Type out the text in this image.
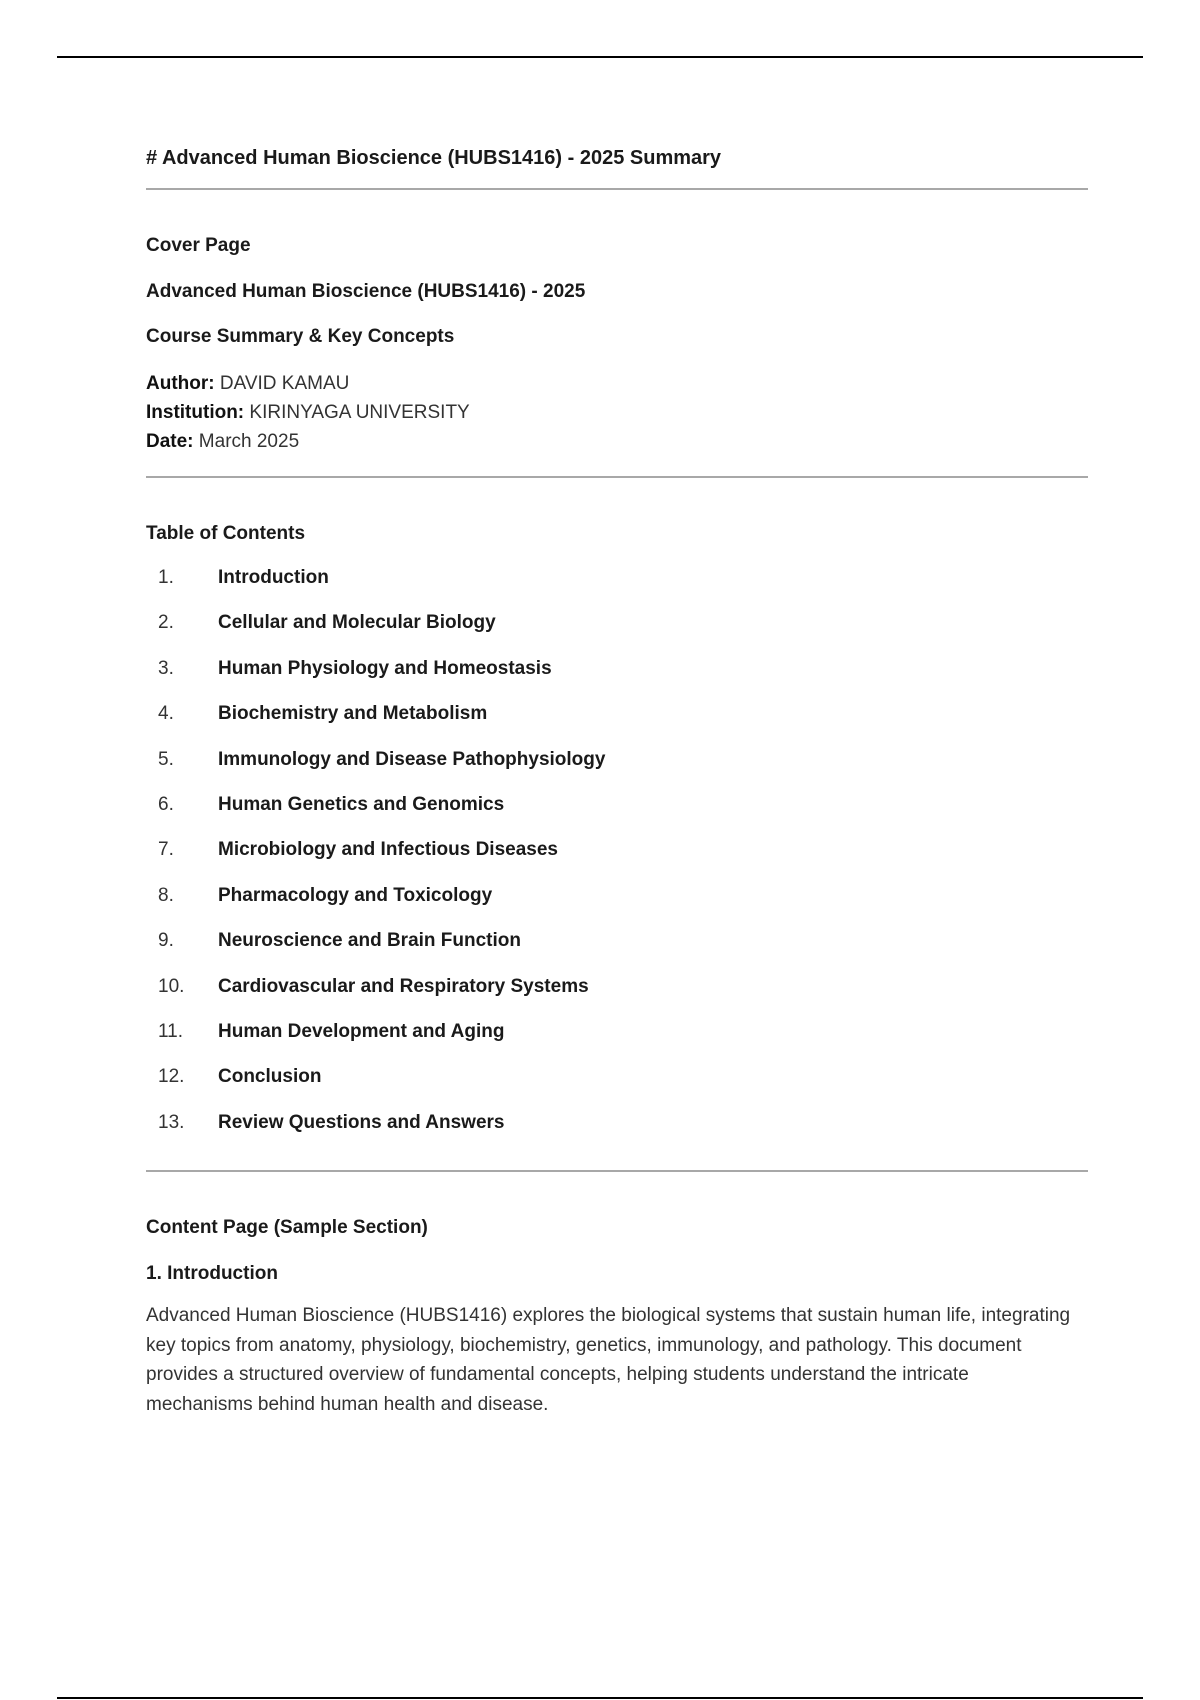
# Advanced Human Bioscience (HUBS1416) - 2025 Summary

Cover Page

Advanced Human Bioscience (HUBS1416) - 2025

Course Summary & Key Concepts

Author: DAVID KAMAU
Institution: KIRINYAGA UNIVERSITY
Date: March 2025

Table of Contents

1.	Introduction
2.	Cellular and Molecular Biology
3.	Human Physiology and Homeostasis
4.	Biochemistry and Metabolism
5.	Immunology and Disease Pathophysiology
6.	Human Genetics and Genomics
7.	Microbiology and Infectious Diseases
8.	Pharmacology and Toxicology
9.	Neuroscience and Brain Function
10.	Cardiovascular and Respiratory Systems
11.	Human Development and Aging
12.	Conclusion
13.	Review Questions and Answers

Content Page (Sample Section)

1. Introduction

Advanced Human Bioscience (HUBS1416) explores the biological systems that sustain human life, integrating key topics from anatomy, physiology, biochemistry, genetics, immunology, and pathology. This document provides a structured overview of fundamental concepts, helping students understand the intricate mechanisms behind human health and disease.
